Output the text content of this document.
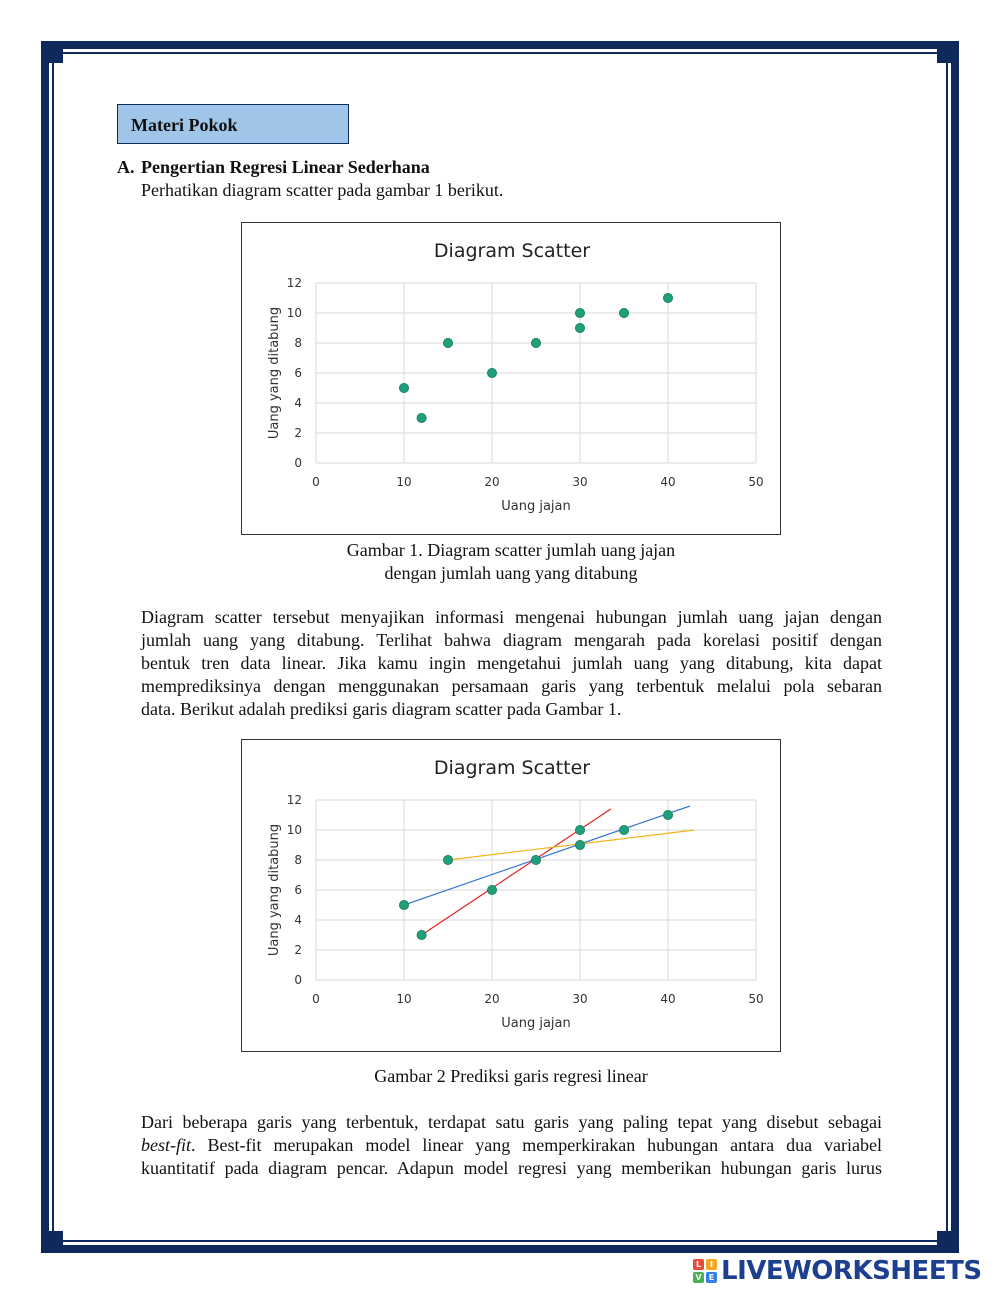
Materi Pokok
A. Pengertian Regresi Linear Sederhana
Perhatikan diagram scatter pada gambar 1 berikut.
Diagram Scatter
0	10	20	30	40	50
0
2
4
6
8
10
12
Uang jajan
Uang yang ditabung
Gambar 1. Diagram scatter jumlah uang jajan
dengan jumlah uang yang ditabung
Diagram scatter tersebut menyajikan informasi mengenai hubungan jumlah uang jajan dengan
jumlah uang yang ditabung. Terlihat bahwa diagram mengarah pada korelasi positif dengan
bentuk tren data linear. Jika kamu ingin mengetahui jumlah uang yang ditabung, kita dapat
memprediksinya dengan menggunakan persamaan garis yang terbentuk melalui pola sebaran
data. Berikut adalah prediksi garis diagram scatter pada Gambar 1.
Diagram Scatter
0	10	20	30	40	50
0
2
4
6
8
10
12
Uang jajan
Uang yang ditabung
Gambar 2 Prediksi garis regresi linear
Dari beberapa garis yang terbentuk, terdapat satu garis yang paling tepat yang disebut sebagai
best-fit. Best-fit merupakan model linear yang memperkirakan hubungan antara dua variabel
kuantitatif pada diagram pencar. Adapun model regresi yang memberikan hubungan garis lurus
L	I
V E LIVEWORKSHEETS
